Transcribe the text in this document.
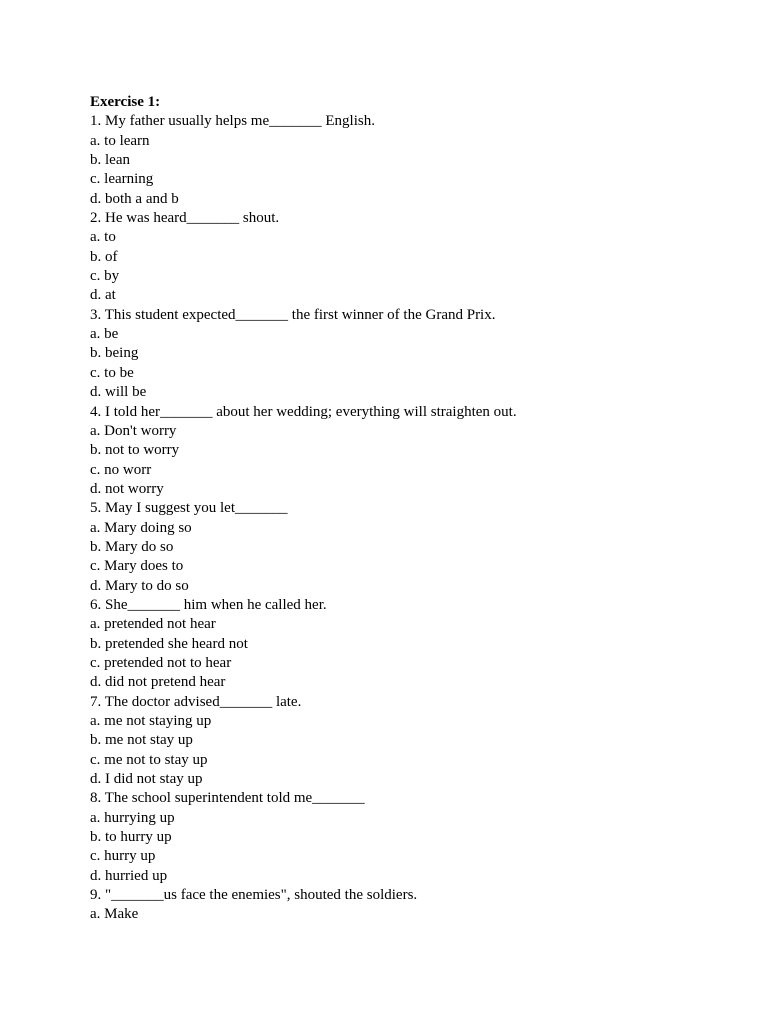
Exercise 1:
1. My father usually helps me_______ English.
a. to learn
b. lean
c. learning
d. both a and b
2. He was heard_______ shout.
a. to
b. of
c. by
d. at
3. This student expected_______ the first winner of the Grand Prix.
a. be
b. being
c. to be
d. will be
4. I told her_______ about her wedding; everything will straighten out.
a. Don't worry
b. not to worry
c. no worr
d. not worry
5. May I suggest you let_______
a. Mary doing so
b. Mary do so
c. Mary does to
d. Mary to do so
6. She_______ him when he called her.
a. pretended not hear
b. pretended she heard not
c. pretended not to hear
d. did not pretend hear
7. The doctor advised_______ late.
a. me not staying up
b. me not stay up
c. me not to stay up
d. I did not stay up
8. The school superintendent told me_______
a. hurrying up
b. to hurry up
c. hurry up
d. hurried up
9. "_______us face the enemies", shouted the soldiers.
a. Make
